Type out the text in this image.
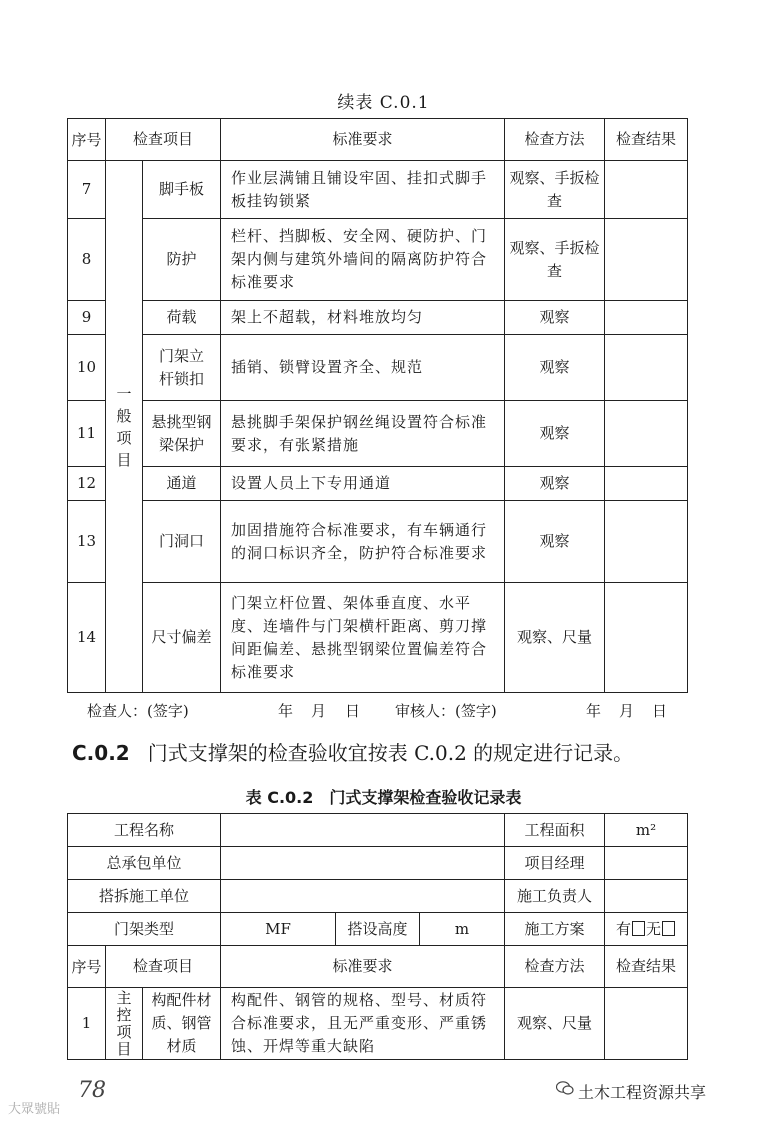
续表 C.0.1
序号	检查项目		标准要求	检查方法	检查结果
7	一般项目	脚手板	作业层满铺且铺设牢固、挂扣式脚手板挂钩锁紧	观察、手扳检查	
8		防护	栏杆、挡脚板、安全网、硬防护、门架内侧与建筑外墙间的隔离防护符合标准要求	观察、手扳检查	
9		荷载	架上不超载，材料堆放均匀	观察	
10		门架立杆锁扣	插销、锁臂设置齐全、规范	观察	
11		悬挑型钢梁保护	悬挑脚手架保护钢丝绳设置符合标准要求，有张紧措施	观察	
12		通道	设置人员上下专用通道	观察	
13		门洞口	加固措施符合标准要求，有车辆通行的洞口标识齐全，防护符合标准要求	观察	
14		尺寸偏差	门架立杆位置、架体垂直度、水平度、连墙件与门架横杆距离、剪刀撑间距偏差、悬挑型钢梁位置偏差符合标准要求	观察、尺量	
检查人：(签字)	年 月 日 审核人：(签字)	年 月 日
C.0.2 门式支撑架的检查验收宜按表 C.0.2 的规定进行记录。
表 C.0.2　门式支撑架检查验收记录表
工程名称						工程面积	m²
总承包单位						项目经理	
搭拆施工单位						施工负责人	
门架类型			MF	搭设高度	m	施工方案	有 无
序号	检查项目		标准要求			检查方法	检查结果
1	主控项目	构配件材质、钢管材质	构配件、钢管的规格、型号、材质符合标准要求，且无严重变形、严重锈蚀、开焊等重大缺陷			观察、尺量	
78
大眾號貼
土木工程资源共享
